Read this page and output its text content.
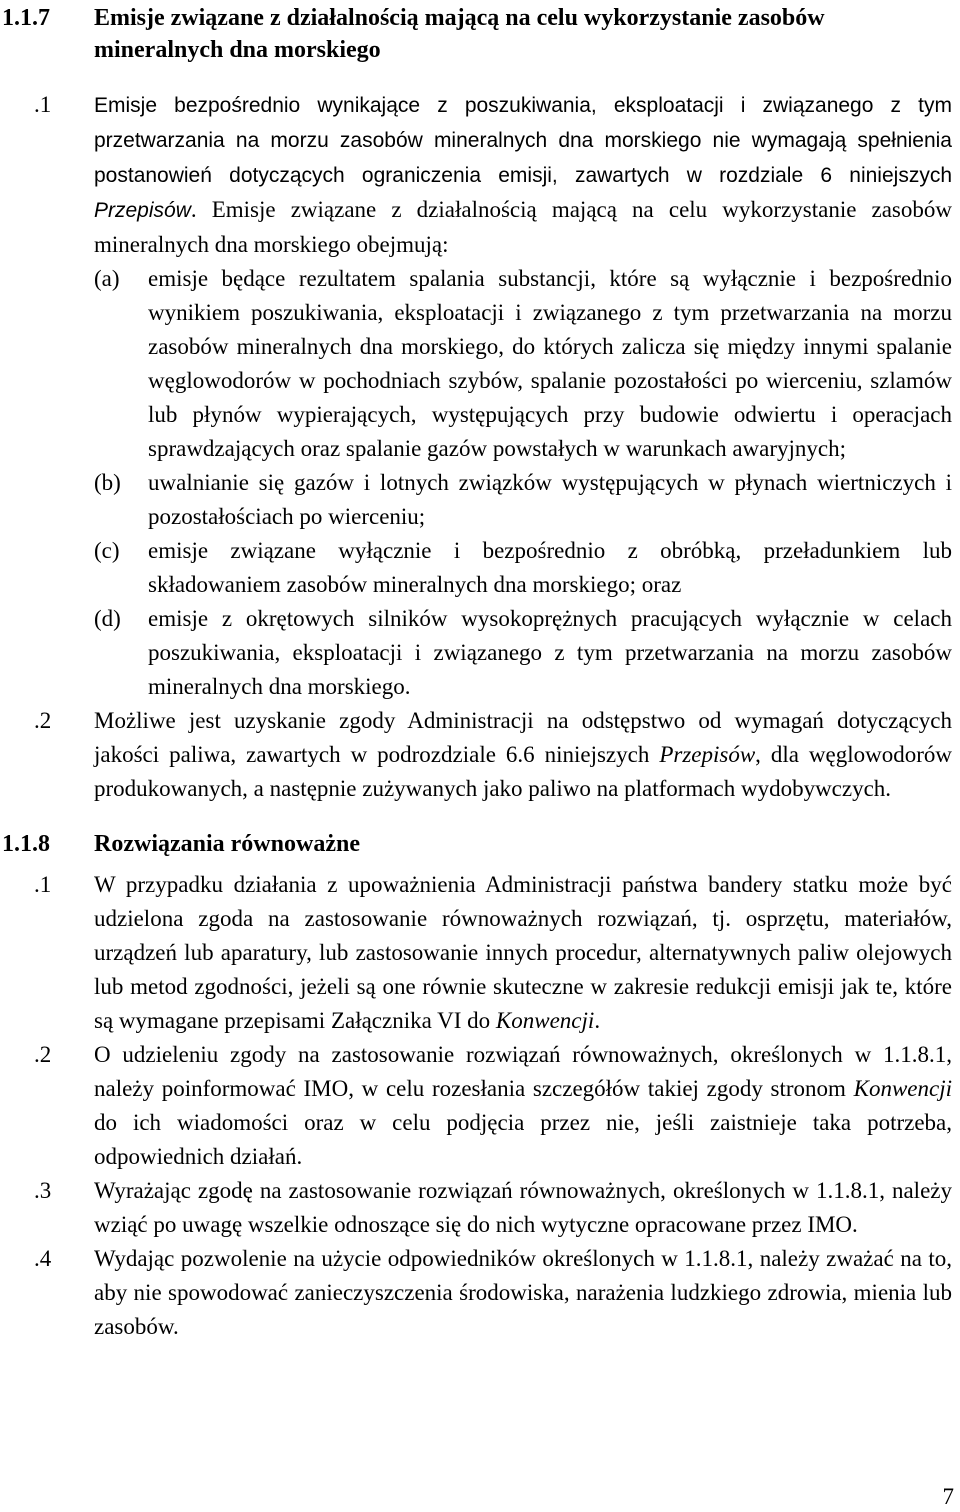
1.1.7	Emisje związane z działalnością mającą na celu wykorzystanie zasobów mineralnych dna morskiego
.1	Emisje bezpośrednio wynikające z poszukiwania, eksploatacji i związanego z tym przetwarzania na morzu zasobów mineralnych dna morskiego nie wymagają spełnienia postanowień dotyczących ograniczenia emisji, zawartych w rozdziale 6 niniejszych Przepisów. Emisje związane z działalnością mającą na celu wykorzystanie zasobów mineralnych dna morskiego obejmują:
(a)	emisje będące rezultatem spalania substancji, które są wyłącznie i bezpośrednio wynikiem poszukiwania, eksploatacji i związanego z tym przetwarzania na morzu zasobów mineralnych dna morskiego, do których zalicza się między innymi spalanie węglowodorów w pochodniach szybów, spalanie pozostałości po wierceniu, szlamów lub płynów wypierających, występujących przy budowie odwiertu i operacjach sprawdzających oraz spalanie gazów powstałych w warunkach awaryjnych;
(b)	uwalnianie się gazów i lotnych związków występujących w płynach wiertniczych i pozostałościach po wierceniu;
(c)	emisje związane wyłącznie i bezpośrednio z obróbką, przeładunkiem lub składowaniem zasobów mineralnych dna morskiego; oraz
(d)	emisje z okrętowych silników wysokoprężnych pracujących wyłącznie w celach poszukiwania, eksploatacji i związanego z tym przetwarzania na morzu zasobów mineralnych dna morskiego.
.2	Możliwe jest uzyskanie zgody Administracji na odstępstwo od wymagań dotyczących jakości paliwa, zawartych w podrozdziale 6.6 niniejszych Przepisów, dla węglowodorów produkowanych, a następnie zużywanych jako paliwo na platformach wydobywczych.
1.1.8	Rozwiązania równoważne
.1	W przypadku działania z upoważnienia Administracji państwa bandery statku może być udzielona zgoda na zastosowanie równoważnych rozwiązań, tj. osprzętu, materiałów, urządzeń lub aparatury, lub zastosowanie innych procedur, alternatywnych paliw olejowych lub metod zgodności, jeżeli są one równie skuteczne w zakresie redukcji emisji jak te, które są wymagane przepisami Załącznika VI do Konwencji.
.2	O udzieleniu zgody na zastosowanie rozwiązań równoważnych, określonych w 1.1.8.1, należy poinformować IMO, w celu rozesłania szczegółów takiej zgody stronom Konwencji do ich wiadomości oraz w celu podjęcia przez nie, jeśli zaistnieje taka potrzeba, odpowiednich działań.
.3	Wyrażając zgodę na zastosowanie rozwiązań równoważnych, określonych w 1.1.8.1, należy wziąć po uwagę wszelkie odnoszące się do nich wytyczne opracowane przez IMO.
.4	Wydając pozwolenie na użycie odpowiedników określonych w 1.1.8.1, należy zważać na to, aby nie spowodować zanieczyszczenia środowiska, narażenia ludzkiego zdrowia, mienia lub zasobów.
7
